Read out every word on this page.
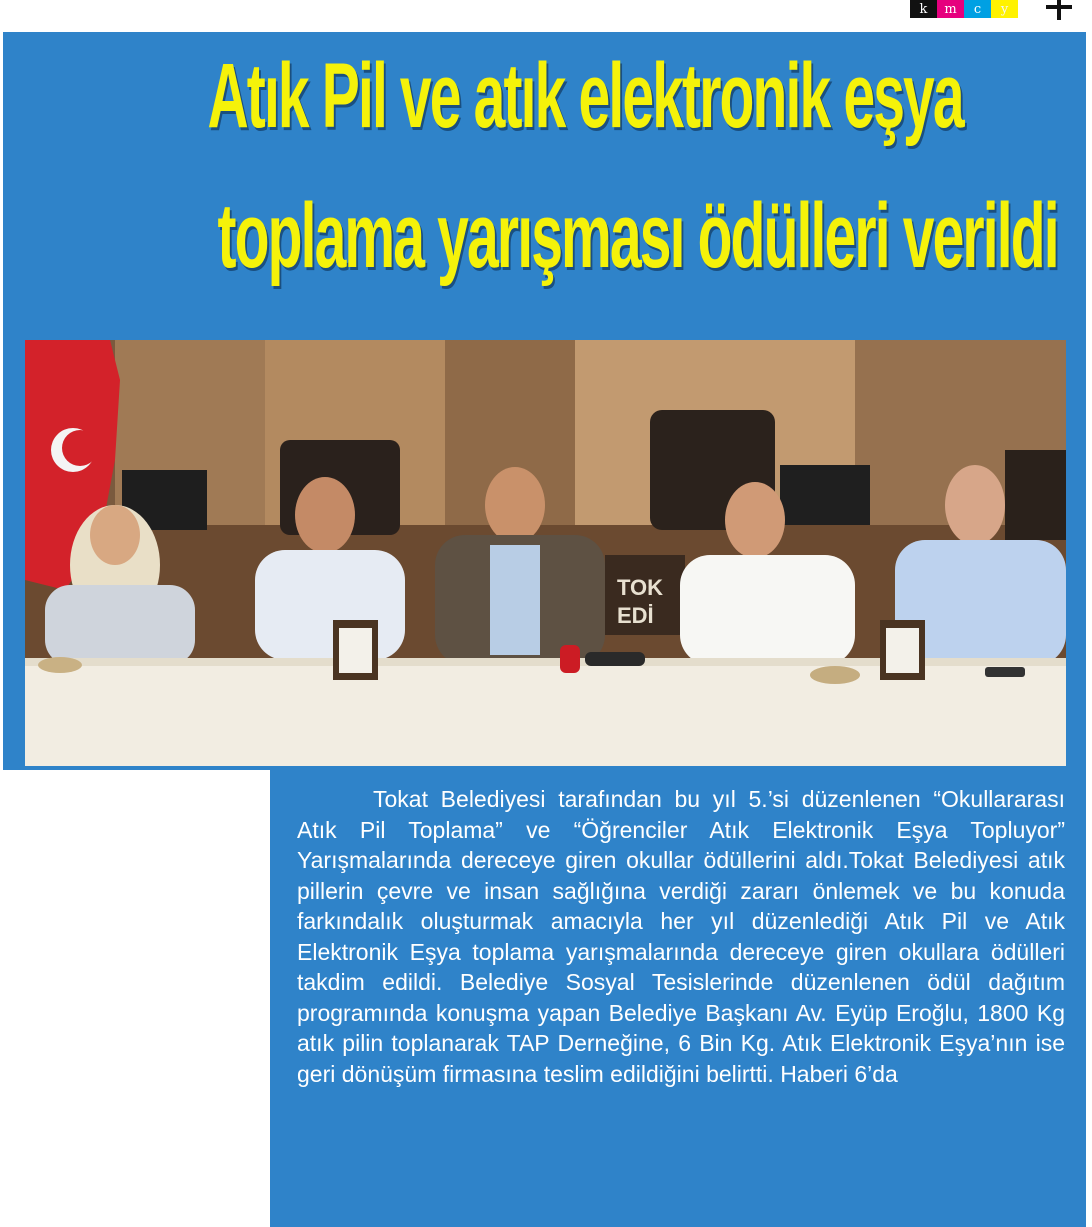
k	m	c	y
Atık Pil ve atık elektronik eşya
toplama yarışması ödülleri verildi
TOK
EDİ

Tokat Belediyesi tarafından bu yıl 5.’si düzenlenen “Okullararası Atık Pil Toplama” ve “Öğrenciler Atık Elektronik Eşya Topluyor” Yarışmalarında dereceye giren okullar ödüllerini aldı.Tokat Belediyesi atık pillerin çevre ve insan sağlığına verdiği zararı önlemek ve bu konuda farkındalık oluşturmak amacıyla her yıl düzenlediği Atık Pil ve Atık Elektronik Eşya toplama yarışmalarında dereceye giren okullara ödülleri takdim edildi. Belediye Sosyal Tesislerinde düzenlenen ödül dağıtım programında konuşma yapan Belediye Başkanı Av. Eyüp Eroğlu, 1800 Kg atık pilin toplanarak TAP Derneğine, 6 Bin Kg. Atık Elektronik Eşya’nın ise geri dönüşüm firmasına teslim edildiğini belirtti. Haberi 6’da
